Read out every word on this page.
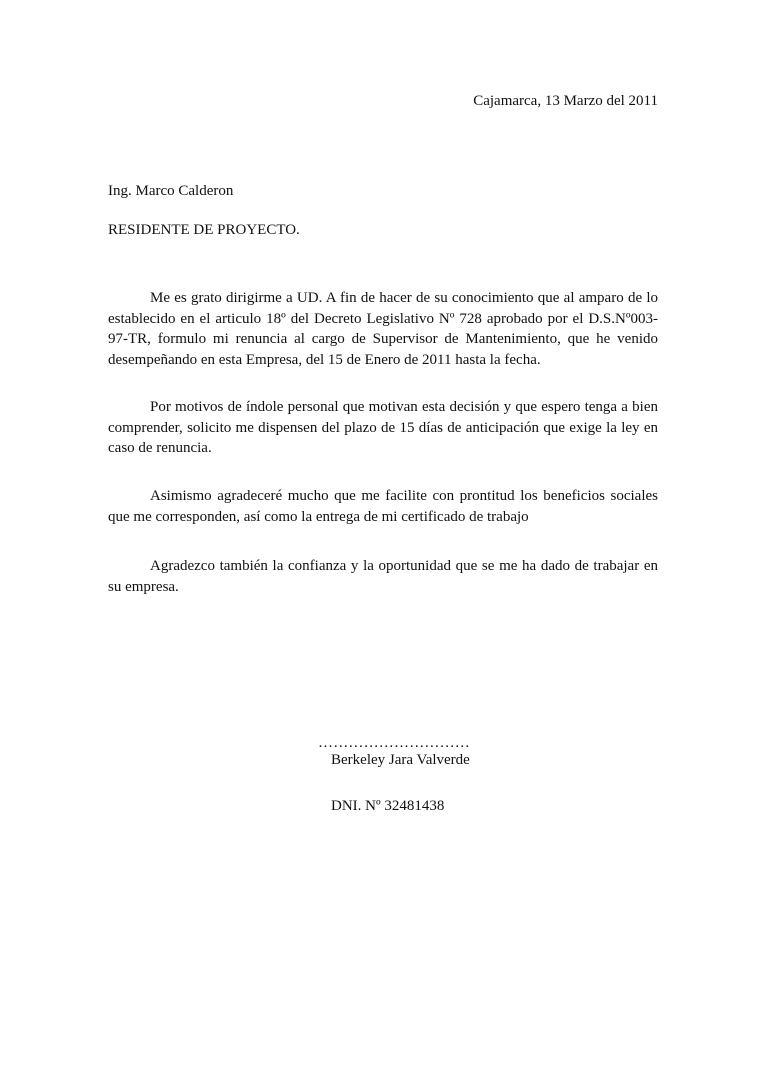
Cajamarca, 13 Marzo del 2011
Ing. Marco Calderon
RESIDENTE DE PROYECTO.

Me es grato dirigirme a UD. A fin de hacer de su conocimiento que al amparo de lo establecido en el articulo 18º del Decreto Legislativo Nº 728 aprobado por el D.S.Nº003-97-TR, formulo mi renuncia al cargo de Supervisor de Mantenimiento, que he venido desempeñando en esta Empresa, del 15 de Enero de 2011 hasta la fecha.

Por motivos de índole personal que motivan esta decisión y que espero tenga a bien comprender, solicito me dispensen del plazo de 15 días de anticipación que exige la ley en caso de renuncia.

Asimismo agradeceré mucho que me facilite con prontitud los beneficios sociales que me corresponden, así como la entrega de mi certificado de trabajo

Agradezco también la confianza y la oportunidad que se me ha dado de trabajar en su empresa.

…………………………
Berkeley Jara Valverde
DNI. Nº 32481438
